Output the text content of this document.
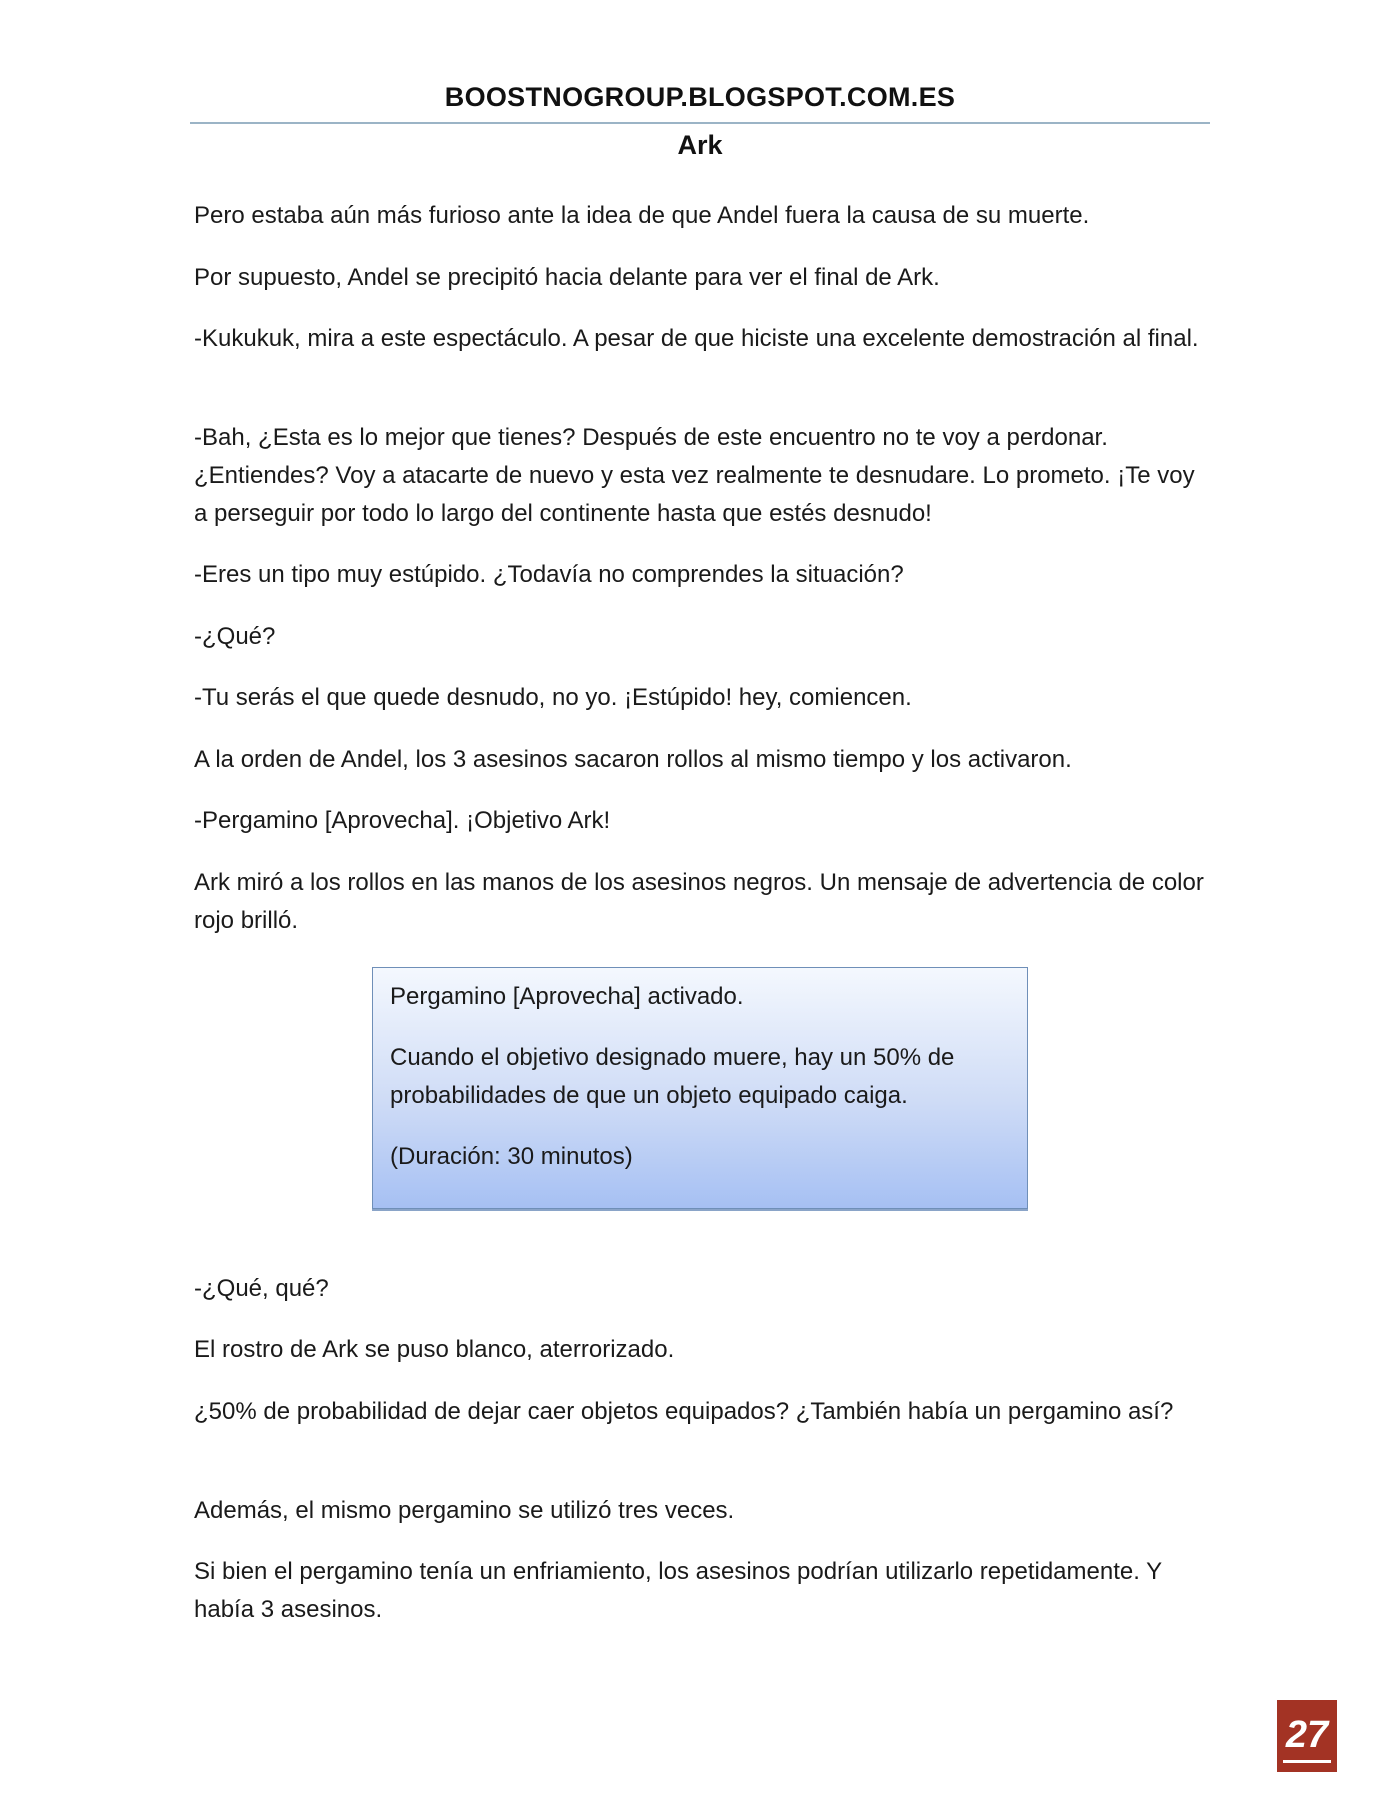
BOOSTNOGROUP.BLOGSPOT.COM.ES
Ark

Pero estaba aún más furioso ante la idea de que Andel fuera la causa de su muerte.

Por supuesto, Andel se precipitó hacia delante para ver el final de Ark.

-Kukukuk, mira a este espectáculo. A pesar de que hiciste una excelente demostración al final.

-Bah, ¿Esta es lo mejor que tienes? Después de este encuentro no te voy a perdonar. ¿Entiendes? Voy a atacarte de nuevo y esta vez realmente te desnudare. Lo prometo. ¡Te voy a perseguir por todo lo largo del continente hasta que estés desnudo!

-Eres un tipo muy estúpido. ¿Todavía no comprendes la situación?

-¿Qué?

-Tu serás el que quede desnudo, no yo. ¡Estúpido! hey, comiencen.

A la orden de Andel, los 3 asesinos sacaron rollos al mismo tiempo y los activaron.

-Pergamino [Aprovecha]. ¡Objetivo Ark!

Ark miró a los rollos en las manos de los asesinos negros. Un mensaje de advertencia de color rojo brilló.

-¿Qué, qué?

El rostro de Ark se puso blanco, aterrorizado.

¿50% de probabilidad de dejar caer objetos equipados? ¿También había un pergamino así?

Además, el mismo pergamino se utilizó tres veces.

Si bien el pergamino tenía un enfriamiento, los asesinos podrían utilizarlo repetidamente. Y había 3 asesinos.

Pergamino [Aprovecha] activado.

Cuando el objetivo designado muere, hay un 50% de probabilidades de que un objeto equipado caiga.

(Duración: 30 minutos)

27
